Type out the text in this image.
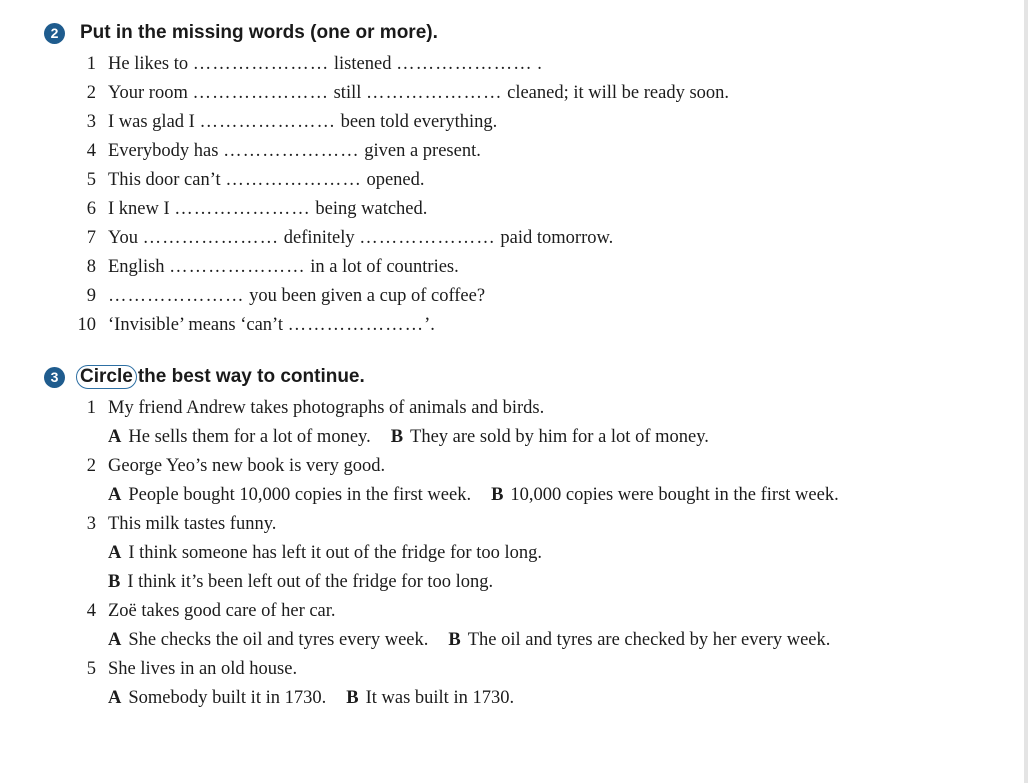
2	Put in the missing words (one or more).
1 He likes to ………………… listened ………………… .
2 Your room ………………… still ………………… cleaned; it will be ready soon.
3 I was glad I ………………… been told everything.
4 Everybody has ………………… given a present.
5 This door can’t ………………… opened.
6 I knew I ………………… being watched.
7 You ………………… definitely ………………… paid tomorrow.
8 English ………………… in a lot of countries.
9 ………………… you been given a cup of coffee?
10 ‘Invisible’ means ‘can’t …………………’.
3	Circle the best way to continue.
1 My friend Andrew takes photographs of animals and birds.
A He sells them for a lot of money. B They are sold by him for a lot of money.
2 George Yeo’s new book is very good.
A People bought 10,000 copies in the first week. B 10,000 copies were bought in the first week.
3 This milk tastes funny.
A I think someone has left it out of the fridge for too long.
B I think it’s been left out of the fridge for too long.
4 Zoë takes good care of her car.
A She checks the oil and tyres every week. B The oil and tyres are checked by her every week.
5 She lives in an old house.
A Somebody built it in 1730. B It was built in 1730.
